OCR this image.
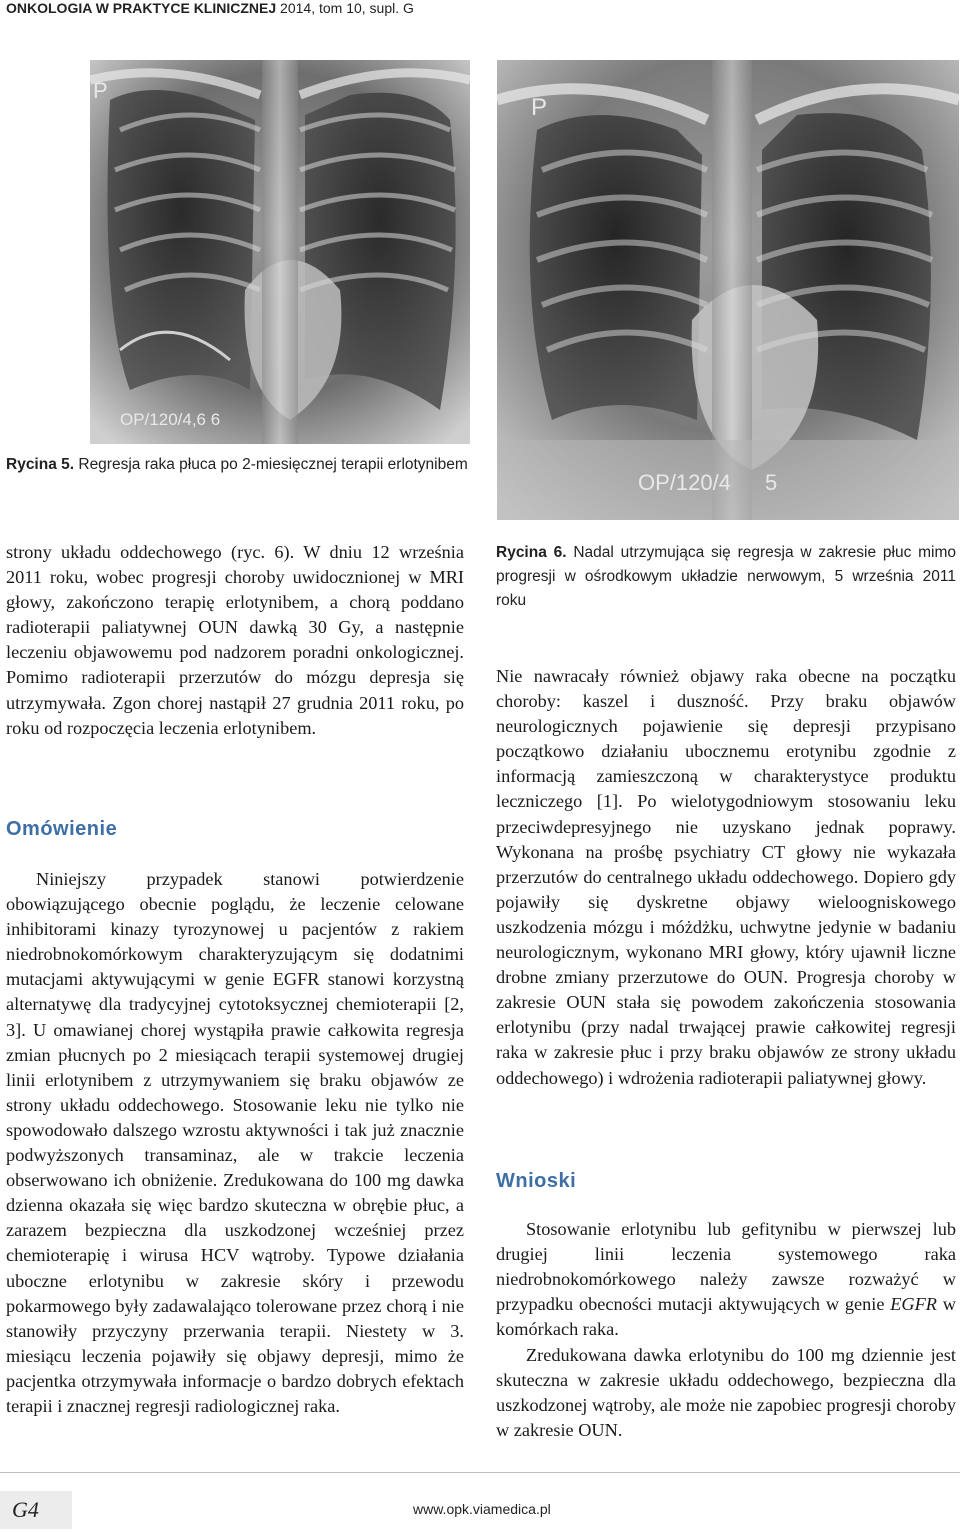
ONKOLOGIA W PRAKTYCE KLINICZNEJ 2014, tom 10, supl. G
P
OP/120/4,6 6
P
OP/120/4 5
Rycina 5. Regresja raka płuca po 2-miesięcznej terapii erlotynibem
Rycina 6. Nadal utrzymująca się regresja w zakresie płuc mimo progresji w ośrodkowym układzie nerwowym, 5 września 2011 roku
strony układu oddechowego (ryc. 6). W dniu 12 września 2011 roku, wobec progresji choroby uwidocznionej w MRI głowy, zakończono terapię erlotynibem, a chorą poddano radioterapii paliatywnej OUN dawką 30 Gy, a następnie leczeniu objawowemu pod nadzorem poradni onkologicznej. Pomimo radioterapii przerzutów do mózgu depresja się utrzymywała. Zgon chorej nastąpił 27 grudnia 2011 roku, po roku od rozpoczęcia leczenia erlotynibem.
Omówienie
Niniejszy przypadek stanowi potwierdzenie obowiązującego obecnie poglądu, że leczenie celowane inhibitorami kinazy tyrozynowej u pacjentów z rakiem niedrobnokomórkowym charakteryzującym się dodatnimi mutacjami aktywującymi w genie EGFR stanowi korzystną alternatywę dla tradycyjnej cytotoksycznej chemioterapii [2, 3]. U omawianej chorej wystąpiła prawie całkowita regresja zmian płucnych po 2 miesiącach terapii systemowej drugiej linii erlotynibem z utrzymywaniem się braku objawów ze strony układu oddechowego. Stosowanie leku nie tylko nie spowodowało dalszego wzrostu aktywności i tak już znacznie podwyższonych transaminaz, ale w trakcie leczenia obserwowano ich obniżenie. Zredukowana do 100 mg dawka dzienna okazała się więc bardzo skuteczna w obrębie płuc, a zarazem bezpieczna dla uszkodzonej wcześniej przez chemioterapię i wirusa HCV wątroby. Typowe działania uboczne erlotynibu w zakresie skóry i przewodu pokarmowego były zadawalająco tolerowane przez chorą i nie stanowiły przyczyny przerwania terapii. Niestety w 3. miesiącu leczenia pojawiły się objawy depresji, mimo że pacjentka otrzymywała informacje o bardzo dobrych efektach terapii i znacznej regresji radiologicznej raka.
Nie nawracały również objawy raka obecne na początku choroby: kaszel i duszność. Przy braku objawów neurologicznych pojawienie się depresji przypisano początkowo działaniu ubocznemu erotynibu zgodnie z informacją zamieszczoną w charakterystyce produktu leczniczego [1]. Po wielotygodniowym stosowaniu leku przeciwdepresyjnego nie uzyskano jednak poprawy. Wykonana na prośbę psychiatry CT głowy nie wykazała przerzutów do centralnego układu oddechowego. Dopiero gdy pojawiły się dyskretne objawy wieloogniskowego uszkodzenia mózgu i móżdżku, uchwytne jedynie w badaniu neurologicznym, wykonano MRI głowy, który ujawnił liczne drobne zmiany przerzutowe do OUN. Progresja choroby w zakresie OUN stała się powodem zakończenia stosowania erlotynibu (przy nadal trwającej prawie całkowitej regresji raka w zakresie płuc i przy braku objawów ze strony układu oddechowego) i wdrożenia radioterapii paliatywnej głowy.
Wnioski
Stosowanie erlotynibu lub gefitynibu w pierwszej lub drugiej linii leczenia systemowego raka niedrobnokomórkowego należy zawsze rozważyć w przypadku obecności mutacji aktywujących w genie EGFR w komórkach raka.
Zredukowana dawka erlotynibu do 100 mg dziennie jest skuteczna w zakresie układu oddechowego, bezpieczna dla uszkodzonej wątroby, ale może nie zapobiec progresji choroby w zakresie OUN.
G4	www.opk.viamedica.pl
